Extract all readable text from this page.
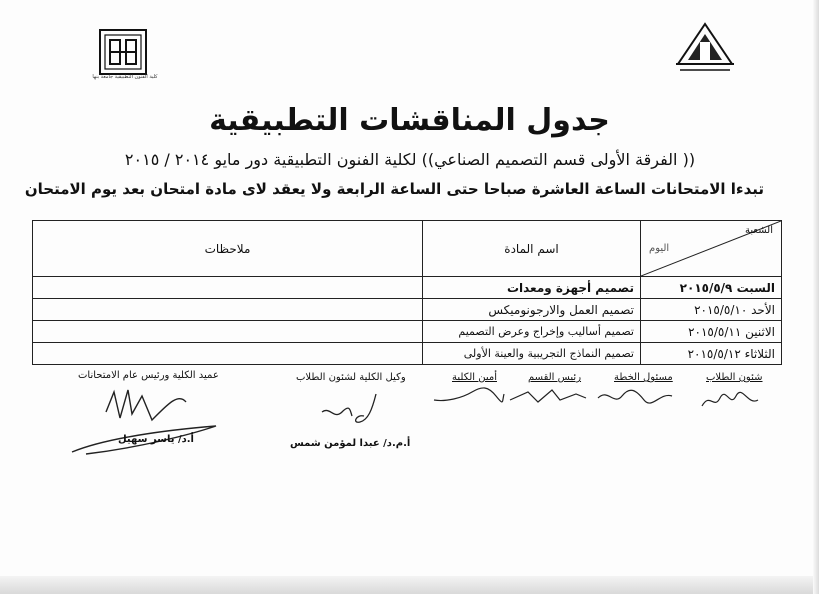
كلية الفنون التطبيقية جامعة بنها
جدول المناقشات التطبيقية
(( الفرقة الأولى قسم التصميم الصناعي)) لكلية الفنون التطبيقية دور مايو ٢٠١٤ / ٢٠١٥
تبدءا الامتحانات الساعة العاشرة صباحا حتى الساعة الرابعة ولا يعقد لاى مادة امتحان بعد يوم الامتحان
الشعبة
اليوم	اسم المادة	ملاحظات
السبت ٢٠١٥/٥/٩	تصميم أجهزة ومعدات	
الأحد ٢٠١٥/٥/١٠	تصميم العمل والارجونوميكس	
الاثنين ٢٠١٥/٥/١١	تصميم أساليب وإخراج وعرض التصميم	
الثلاثاء ٢٠١٥/٥/١٢	تصميم النماذج التجريبية والعينة الأولى	
شئون الطلاب
مسئول الخطة
رئيس القسم
أمين الكلية
وكيل الكلية لشئون الطلاب
عميد الكلية ورئيس عام الامتحانات
أ.م.د/ عبدا لمؤمن شمس
أ.د/ ياسر سهيل
